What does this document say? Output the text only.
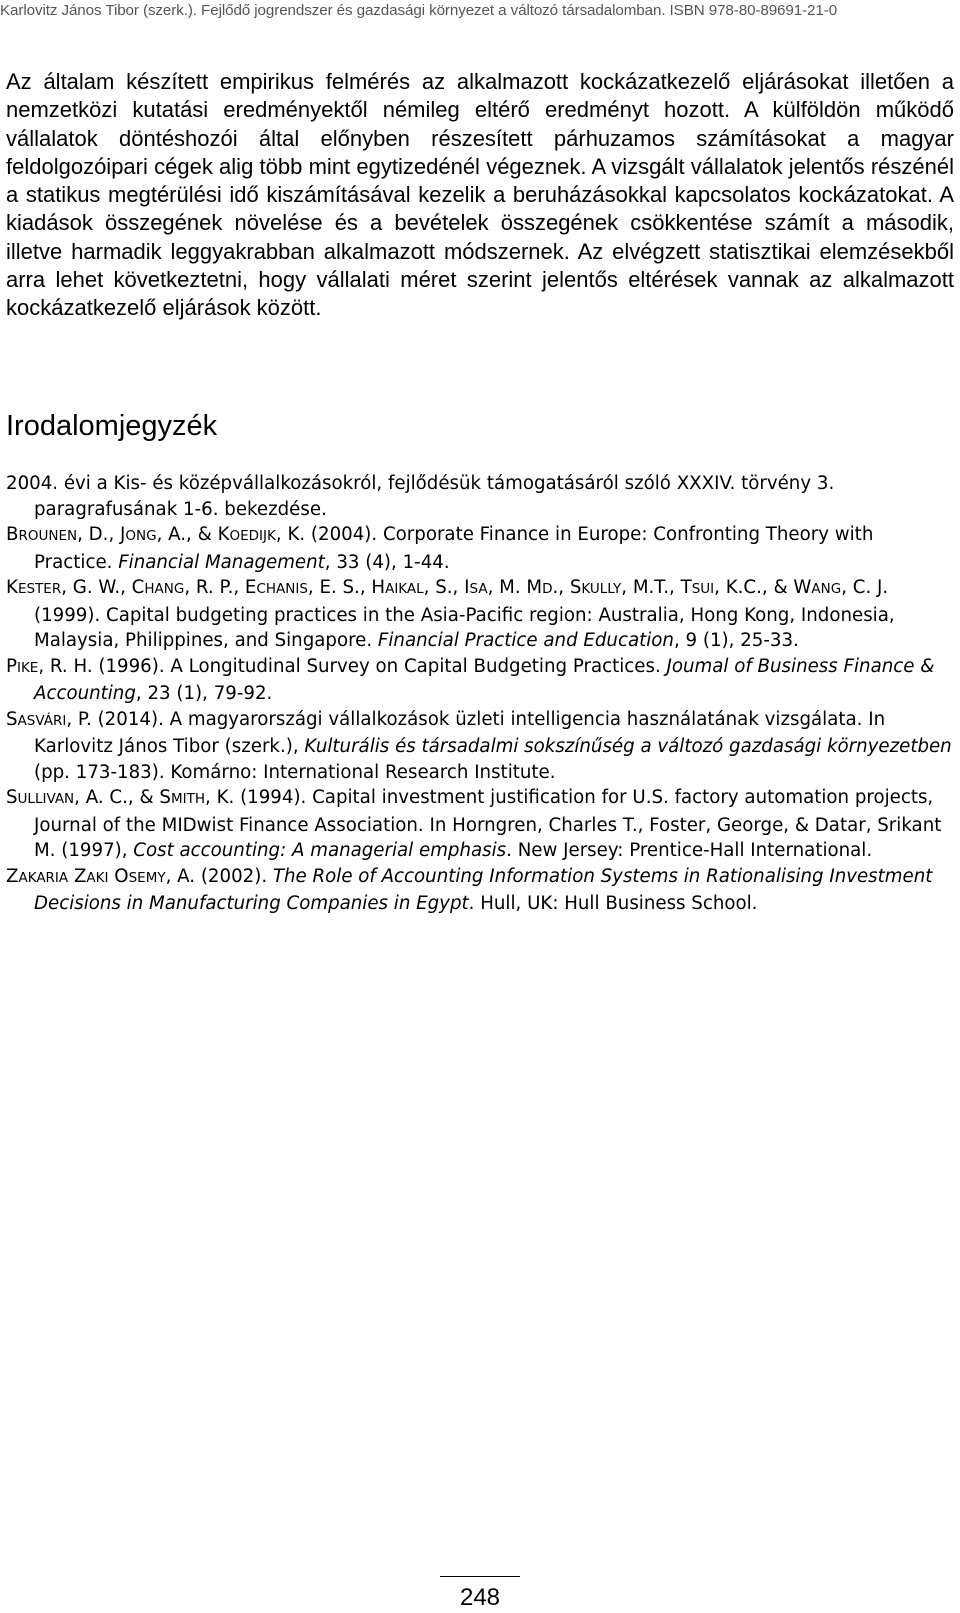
Karlovitz János Tibor (szerk.). Fejlődő jogrendszer és gazdasági környezet a változó társadalomban. ISBN 978-80-89691-21-0

Az általam készített empirikus felmérés az alkalmazott kockázatkezelő eljárásokat illetően a nemzetközi kutatási eredményektől némileg eltérő eredményt hozott. A külföldön működő vállalatok döntéshozói által előnyben részesített párhuzamos számításokat a magyar feldolgozóipari cégek alig több mint egytizedénél végeznek. A vizsgált vállalatok jelentős részénél a statikus megtérülési idő kiszámításával kezelik a beruházásokkal kapcsolatos kockázatokat. A kiadások összegének növelése és a bevételek összegének csökkentése számít a második, illetve harmadik leggyakrabban alkalmazott módszernek. Az elvégzett statisztikai elemzésekből arra lehet következtetni, hogy vállalati méret szerint jelentős eltérések vannak az alkalmazott kockázatkezelő eljárások között.

Irodalomjegyzék
2004. évi a Kis- és középvállalkozásokról, fejlődésük támogatásáról szóló XXXIV. törvény 3. paragrafusának 1-6. bekezdése.
BROUNEN, D., JONG, A., & KOEDIJK, K. (2004). Corporate Finance in Europe: Confronting Theory with Practice. Financial Management, 33 (4), 1-44.
KESTER, G. W., CHANG, R. P., ECHANIS, E. S., HAIKAL, S., ISA, M. MD., SKULLY, M.T., TSUI, K.C., & WANG, C. J. (1999). Capital budgeting practices in the Asia-Pacific region: Australia, Hong Kong, Indonesia, Malaysia, Philippines, and Singapore. Financial Practice and Education, 9 (1), 25-33.
PIKE, R. H. (1996). A Longitudinal Survey on Capital Budgeting Practices. Joumal of Business Finance & Accounting, 23 (1), 79-92.
SASVÁRI, P. (2014). A magyarországi vállalkozások üzleti intelligencia használatának vizsgálata. In Karlovitz János Tibor (szerk.), Kulturális és társadalmi sokszínűség a változó gazdasági környezetben (pp. 173-183). Komárno: International Research Institute.
SULLIVAN, A. C., & SMITH, K. (1994). Capital investment justification for U.S. factory automation projects, Journal of the MIDwist Finance Association. In Horngren, Charles T., Foster, George, & Datar, Srikant M. (1997), Cost accounting: A managerial emphasis. New Jersey: Prentice-Hall International.
ZAKARIA ZAKI OSEMY, A. (2002). The Role of Accounting Information Systems in Rationalising Investment Decisions in Manufacturing Companies in Egypt. Hull, UK: Hull Business School.
248
